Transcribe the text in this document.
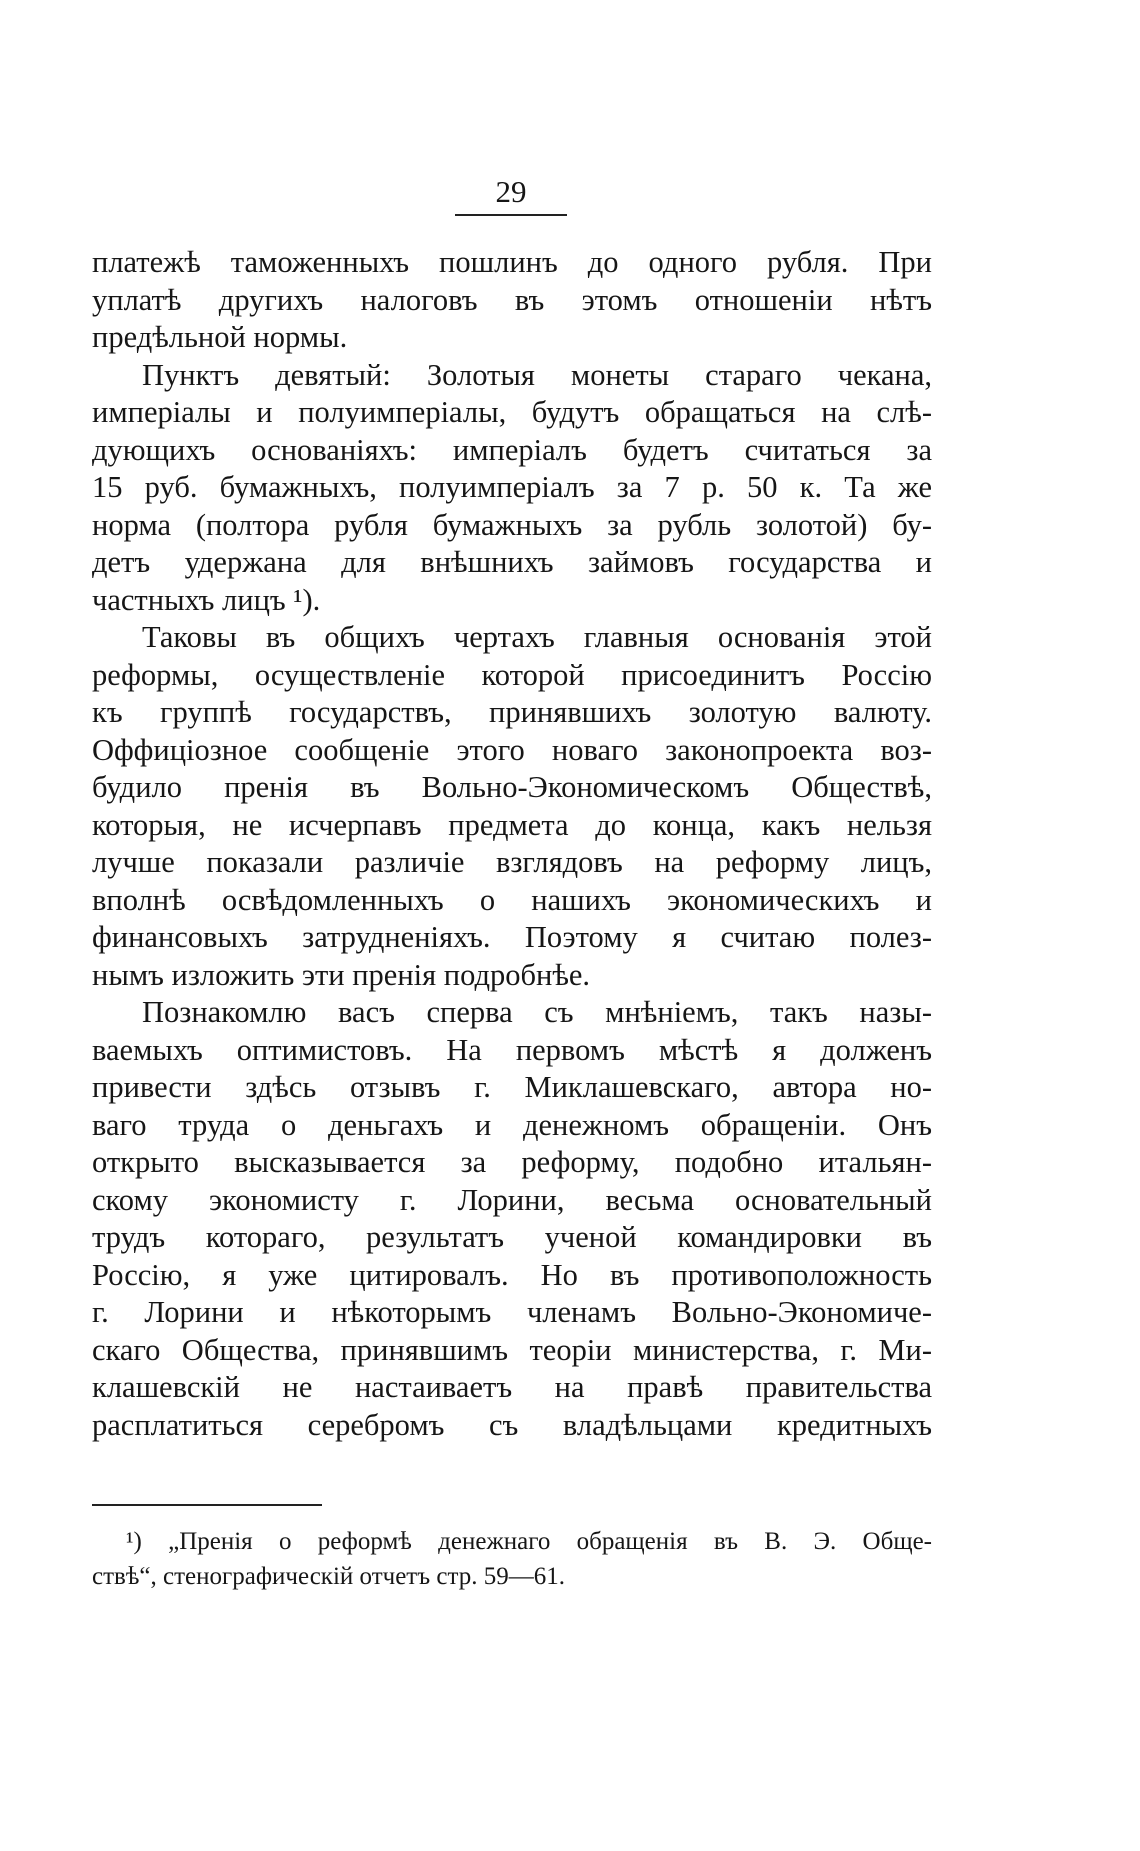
29
платежѣ таможенныхъ пошлинъ до одного рубля. При
уплатѣ другихъ налоговъ въ этомъ отношеніи нѣтъ
предѣльной нормы.
Пунктъ девятый: Золотыя монеты стараго чекана,
имперіалы и полуимперіалы, будутъ обращаться на слѣ-
дующихъ основаніяхъ: имперіалъ будетъ считаться за
15 руб. бумажныхъ, полуимперіалъ за 7 р. 50 к. Та же
норма (полтора рубля бумажныхъ за рубль золотой) бу-
детъ удержана для внѣшнихъ займовъ государства и
частныхъ лицъ ¹).
Таковы въ общихъ чертахъ главныя основанія этой
реформы, осуществленіе которой присоединитъ Россію
къ группѣ государствъ, принявшихъ золотую валюту.
Оффиціозное сообщеніе этого новаго законопроекта воз-
будило пренія въ Вольно-Экономическомъ Обществѣ,
которыя, не исчерпавъ предмета до конца, какъ нельзя
лучше показали различіе взглядовъ на реформу лицъ,
вполнѣ освѣдомленныхъ о нашихъ экономическихъ и
финансовыхъ затрудненіяхъ. Поэтому я считаю полез-
нымъ изложить эти пренія подробнѣе.
Познакомлю васъ сперва съ мнѣніемъ, такъ назы-
ваемыхъ оптимистовъ. На первомъ мѣстѣ я долженъ
привести здѣсь отзывъ г. Миклашевскаго, автора но-
ваго труда о деньгахъ и денежномъ обращеніи. Онъ
открыто высказывается за реформу, подобно итальян-
скому экономисту г. Лорини, весьма основательный
трудъ котораго, результатъ ученой командировки въ
Россію, я уже цитировалъ. Но въ противоположность
г. Лорини и нѣкоторымъ членамъ Вольно-Экономиче-
скаго Общества, принявшимъ теоріи министерства, г. Ми-
клашевскій не настаиваетъ на правѣ правительства
расплатиться серебромъ съ владѣльцами кредитныхъ
¹) „Пренія о реформѣ денежнаго обращенія въ В. Э. Обще-
ствѣ“, стенографическій отчетъ стр. 59—61.
